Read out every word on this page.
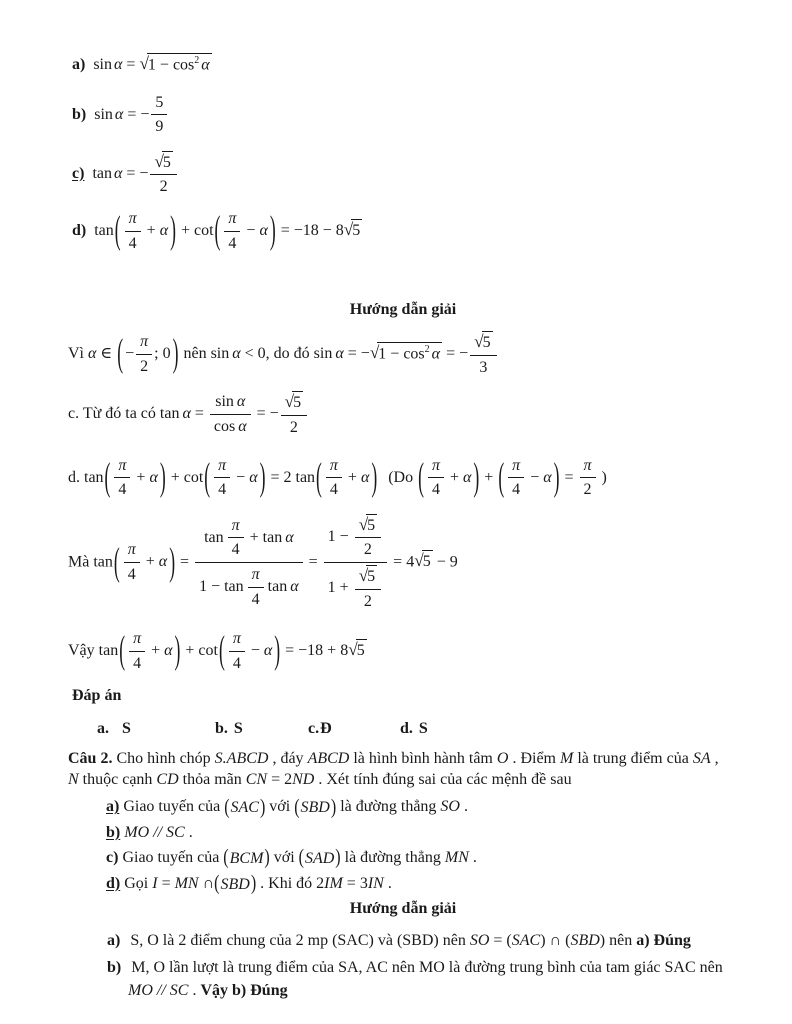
a) $\sin \alpha = √1 - \cos^2 \alpha$
b) sin α = − $\frac{5}{9}$
c) tan α = − $\frac{√5}{2}$
d) tan ( $\frac{\pi}{4} + \alpha$ ) + cot ( $\frac{\pi}{4} - \alpha$ ) = −18 − 8√5
Hướng dẫn giải
Vì α ∈ ( − $\frac{\pi}{2}$ ; 0 ) nên sin α < 0, do đó $\sin \alpha = -√1 - \cos^2 \alpha$ = − $\frac{√5}{3}$
c. Từ đó ta có $\tan \alpha = \frac{\text{sin α}}{\text{cos α}}$ = − $\frac{√5}{2}$
d. tan ( $\frac{\pi}{4} + \alpha$ ) + cot ( $\frac{\pi}{4} - \alpha$ ) = 2 tan ( $\frac{\pi}{4} + \alpha$ ) (Do ( $\frac{\pi}{4} + \alpha$ ) + ( $\frac{\pi}{4} - \alpha$ ) = $\frac{\pi}{2}$ )
Mà tan ( $\frac{\pi}{4} + \alpha$ ) = $\frac{\tan \frac{\pi}{4} + \tan \alpha}{1 - \tan \frac{\pi}{4} \tan \alpha} = \frac{1 - \frac{√5}{2}}{1 + \frac{√5}{2}} = 4√5 - 9$
Vậy tan ( $\frac{\pi}{4} + \alpha$ ) + cot ( $\frac{\pi}{4} - \alpha$ ) = −18 + 8√5
Đáp án
a. S	b. S	c.Đ	d. S
Câu 2. Cho hình chóp S.ABCD , đáy ABCD là hình bình hành tâm O . Điểm M là trung điểm của SA ,
N thuộc cạnh CD thỏa mãn CN = 2ND . Xét tính đúng sai của các mệnh đề sau
a) Giao tuyến của ( SAC ) với ( SBD ) là đường thẳng SO .
b) MO // SC .
c) Giao tuyến của ( BCM ) với ( SAD ) là đường thẳng MN .
d) Gọi I = MN ∩ ( SBD ) . Khi đó 2IM = 3IN .
Hướng dẫn giải
a) S, O là 2 điểm chung của 2 mp (SAC) và (SBD) nên SO = (SAC) ∩ (SBD) nên a) Đúng
b) M, O lần lượt là trung điểm của SA, AC nên MO là đường trung bình của tam giác SAC nên
MO // SC . Vậy b) Đúng
